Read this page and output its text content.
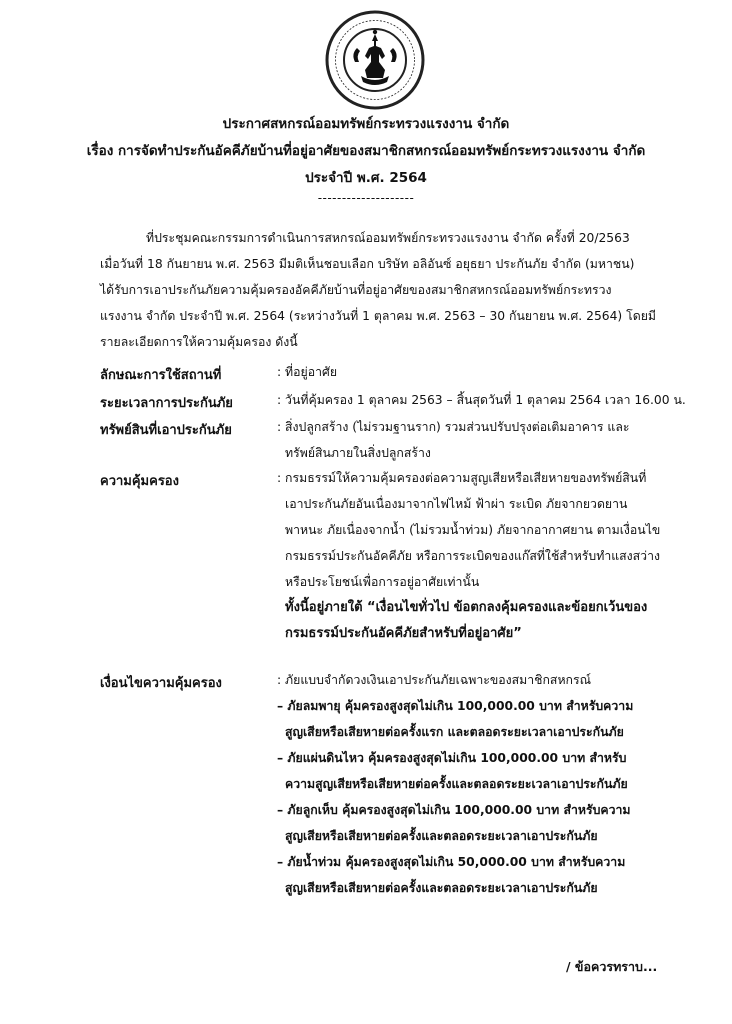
ประกาศสหกรณ์ออมทรัพย์กระทรวงแรงงาน จำกัด
เรื่อง การจัดทำประกันอัคคีภัยบ้านที่อยู่อาศัยของสมาชิกสหกรณ์ออมทรัพย์กระทรวงแรงงาน จำกัด
ประจำปี พ.ศ. 2564
--------------------
ที่ประชุมคณะกรรมการดำเนินการสหกรณ์ออมทรัพย์กระทรวงแรงงาน จำกัด ครั้งที่ 20/2563
เมื่อวันที่ 18 กันยายน พ.ศ. 2563 มีมติเห็นชอบเลือก บริษัท อลิอันซ์ อยุธยา ประกันภัย จำกัด (มหาชน)
ได้รับการเอาประกันภัยความคุ้มครองอัคคีภัยบ้านที่อยู่อาศัยของสมาชิกสหกรณ์ออมทรัพย์กระทรวง
แรงงาน จำกัด ประจำปี พ.ศ. 2564 (ระหว่างวันที่ 1 ตุลาคม พ.ศ. 2563 – 30 กันยายน พ.ศ. 2564) โดยมี
รายละเอียดการให้ความคุ้มครอง ดังนี้
ลักษณะการใช้สถานที่	: ที่อยู่อาศัย
ระยะเวลาการประกันภัย	: วันที่คุ้มครอง 1 ตุลาคม 2563 – สิ้นสุดวันที่ 1 ตุลาคม 2564 เวลา 16.00 น.
ทรัพย์สินที่เอาประกันภัย	: สิ่งปลูกสร้าง (ไม่รวมฐานราก) รวมส่วนปรับปรุงต่อเติมอาคาร และ
ทรัพย์สินภายในสิ่งปลูกสร้าง
ความคุ้มครอง	: กรมธรรม์ให้ความคุ้มครองต่อความสูญเสียหรือเสียหายของทรัพย์สินที่
เอาประกันภัยอันเนื่องมาจากไฟไหม้ ฟ้าผ่า ระเบิด ภัยจากยวดยาน
พาหนะ ภัยเนื่องจากน้ำ (ไม่รวมน้ำท่วม) ภัยจากอากาศยาน ตามเงื่อนไข
กรมธรรม์ประกันอัคคีภัย หรือการระเบิดของแก๊สที่ใช้สำหรับทำแสงสว่าง
หรือประโยชน์เพื่อการอยู่อาศัยเท่านั้น
ทั้งนี้อยู่ภายใต้ “เงื่อนไขทั่วไป ข้อตกลงคุ้มครองและข้อยกเว้นของ
กรมธรรม์ประกันอัคคีภัยสำหรับที่อยู่อาศัย”
เงื่อนไขความคุ้มครอง	: ภัยแบบจำกัดวงเงินเอาประกันภัยเฉพาะของสมาชิกสหกรณ์
– ภัยลมพายุ คุ้มครองสูงสุดไม่เกิน 100,000.00 บาท สำหรับความ
สูญเสียหรือเสียหายต่อครั้งแรก และตลอดระยะเวลาเอาประกันภัย
– ภัยแผ่นดินไหว คุ้มครองสูงสุดไม่เกิน 100,000.00 บาท สำหรับ
ความสูญเสียหรือเสียหายต่อครั้งและตลอดระยะเวลาเอาประกันภัย
– ภัยลูกเห็บ คุ้มครองสูงสุดไม่เกิน 100,000.00 บาท สำหรับความ
สูญเสียหรือเสียหายต่อครั้งและตลอดระยะเวลาเอาประกันภัย
– ภัยน้ำท่วม คุ้มครองสูงสุดไม่เกิน 50,000.00 บาท สำหรับความ
สูญเสียหรือเสียหายต่อครั้งและตลอดระยะเวลาเอาประกันภัย
/ ข้อควรทราบ...
